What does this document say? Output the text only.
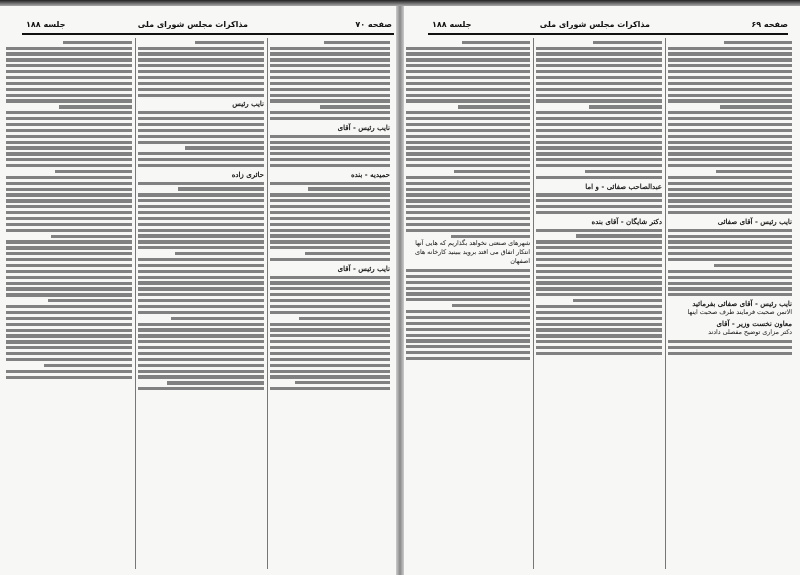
صفحه ۷۰
مذاکرات مجلس شورای ملی
جلسه ۱۸۸	صفحه ۶۹
مذاکرات مجلس شورای ملی
جلسه ۱۸۸
نایب رئیس - آقای صفائی
نایب رئیس - آقای صفائی بفرمائید

الاتمن صحبت فرمایند طرف صحبت اینها

معاون نخست وزیر - آقای

دکتر مزاری توضیح مفصلی دادند

عبدالصاحب صفائی - و اما
دکتر شایگان - آقای بنده

شهرهای صنعتی نخواهد بگذاریم که هایی آنها انتکار اتفاق می افتد بروید ببینید کارخانه های اصفهان

نایب رئیس - آقای
حمیدیه - بنده
نایب رئیس - آقای
نایب رئیس
حائری زاده
